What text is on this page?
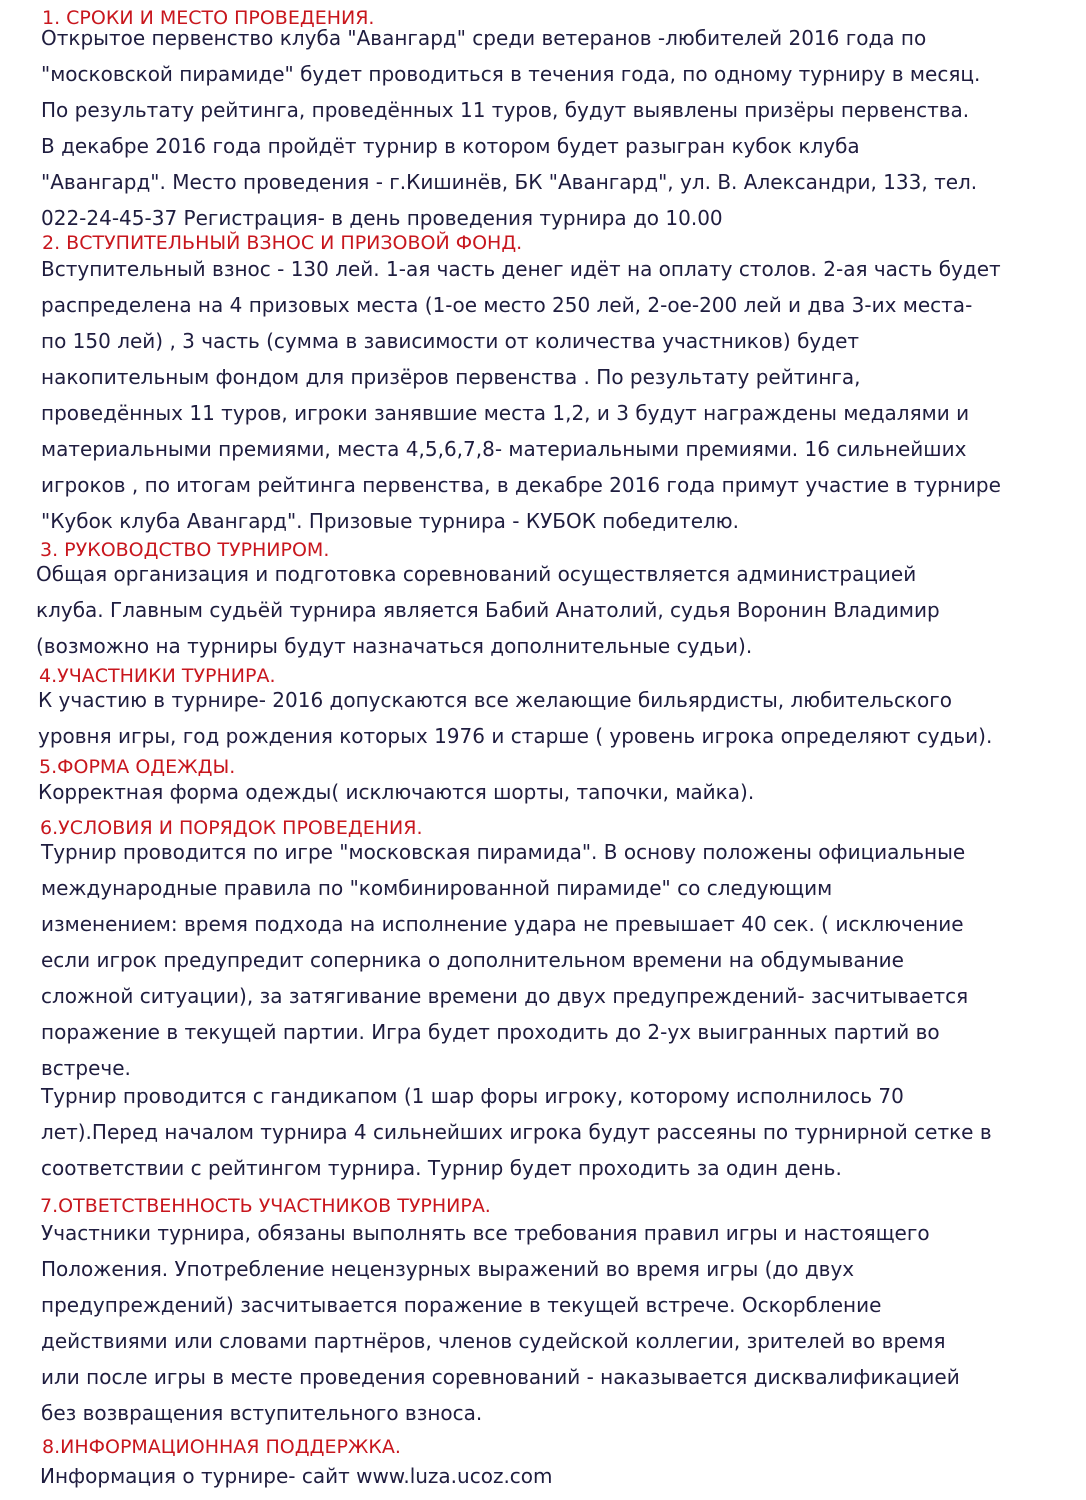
1. СРОКИ И МЕСТО ПРОВЕДЕНИЯ.
Открытое первенство клуба "Авангард" среди ветеранов -любителей 2016 года по
"московской пирамиде" будет проводиться в течения года, по одному турниру в месяц.
По результату рейтинга, проведённых 11 туров, будут выявлены призёры первенства.
В декабре 2016 года пройдёт турнир в котором будет разыгран кубок клуба
"Авангард". Место проведения - г.Кишинёв, БК "Авангард", ул. В. Александри, 133, тел.
022-24-45-37 Регистрация- в день проведения турнира до 10.00
2. ВСТУПИТЕЛЬНЫЙ ВЗНОС И ПРИЗОВОЙ ФОНД.
Вступительный взнос - 130 лей. 1-ая часть денег идёт на оплату столов. 2-ая часть будет
распределена на 4 призовых места (1-ое место 250 лей, 2-ое-200 лей и два 3-их места-
по 150 лей) , 3 часть (сумма в зависимости от количества участников) будет
накопительным фондом для призёров первенства . По результату рейтинга,
проведённых 11 туров, игроки занявшие места 1,2, и 3 будут награждены медалями и
материальными премиями, места 4,5,6,7,8- материальными премиями. 16 сильнейших
игроков , по итогам рейтинга первенства, в декабре 2016 года примут участие в турнире
"Кубок клуба Авангард". Призовые турнира - КУБОК победителю.
3. РУКОВОДСТВО ТУРНИРОМ.
Общая организация и подготовка соревнований осуществляется администрацией
клуба. Главным судьёй турнира является Бабий Анатолий, судья Воронин Владимир
(возможно на турниры будут назначаться дополнительные судьи).
4.УЧАСТНИКИ ТУРНИРА.
К участию в турнире- 2016 допускаются все желающие бильярдисты, любительского
уровня игры, год рождения которых 1976 и старше ( уровень игрока определяют судьи).
5.ФОРМА ОДЕЖДЫ.
Корректная форма одежды( исключаются шорты, тапочки, майка).
6.УСЛОВИЯ И ПОРЯДОК ПРОВЕДЕНИЯ.
Турнир проводится по игре "московская пирамида". В основу положены официальные
международные правила по "комбинированной пирамиде" со следующим
изменением: время подхода на исполнение удара не превышает 40 сек. ( исключение
если игрок предупредит соперника о дополнительном времени на обдумывание
сложной ситуации), за затягивание времени до двух предупреждений- засчитывается
поражение в текущей партии. Игра будет проходить до 2-ух выигранных партий во
встрече.
Турнир проводится с гандикапом (1 шар форы игроку, которому исполнилось 70
лет).Перед началом турнира 4 сильнейших игрока будут рассеяны по турнирной сетке в
соответствии с рейтингом турнира. Турнир будет проходить за один день.
7.ОТВЕТСТВЕННОСТЬ УЧАСТНИКОВ ТУРНИРА.
Участники турнира, обязаны выполнять все требования правил игры и настоящего
Положения. Употребление нецензурных выражений во время игры (до двух
предупреждений) засчитывается поражение в текущей встрече. Оскорбление
действиями или словами партнёров, членов судейской коллегии, зрителей во время
или после игры в месте проведения соревнований - наказывается дисквалификацией
без возвращения вступительного взноса.
8.ИНФОРМАЦИОННАЯ ПОДДЕРЖКА.
Информация о турнире- сайт www.luza.ucoz.com
